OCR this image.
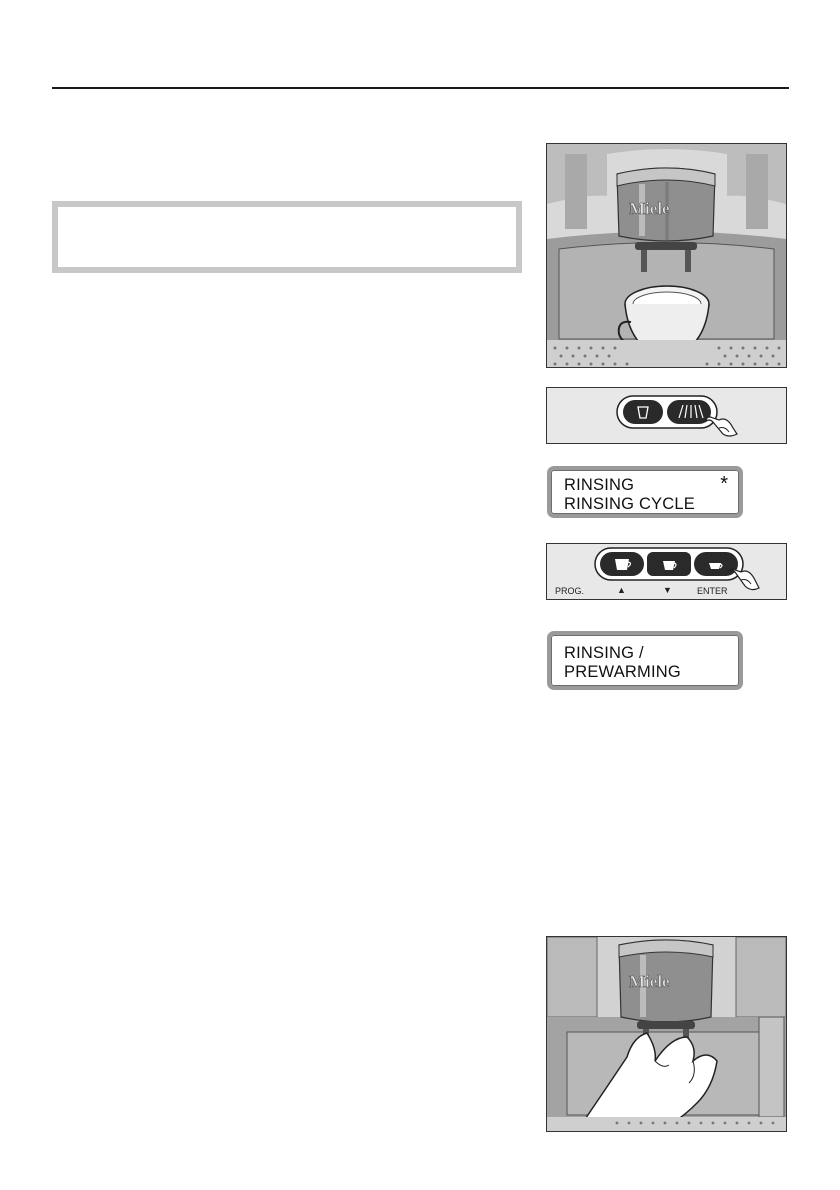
Miele
RINSING
RINSING CYCLE
*
PROG.	▲	▼	ENTER
RINSING /
PREWARMING
Miele
